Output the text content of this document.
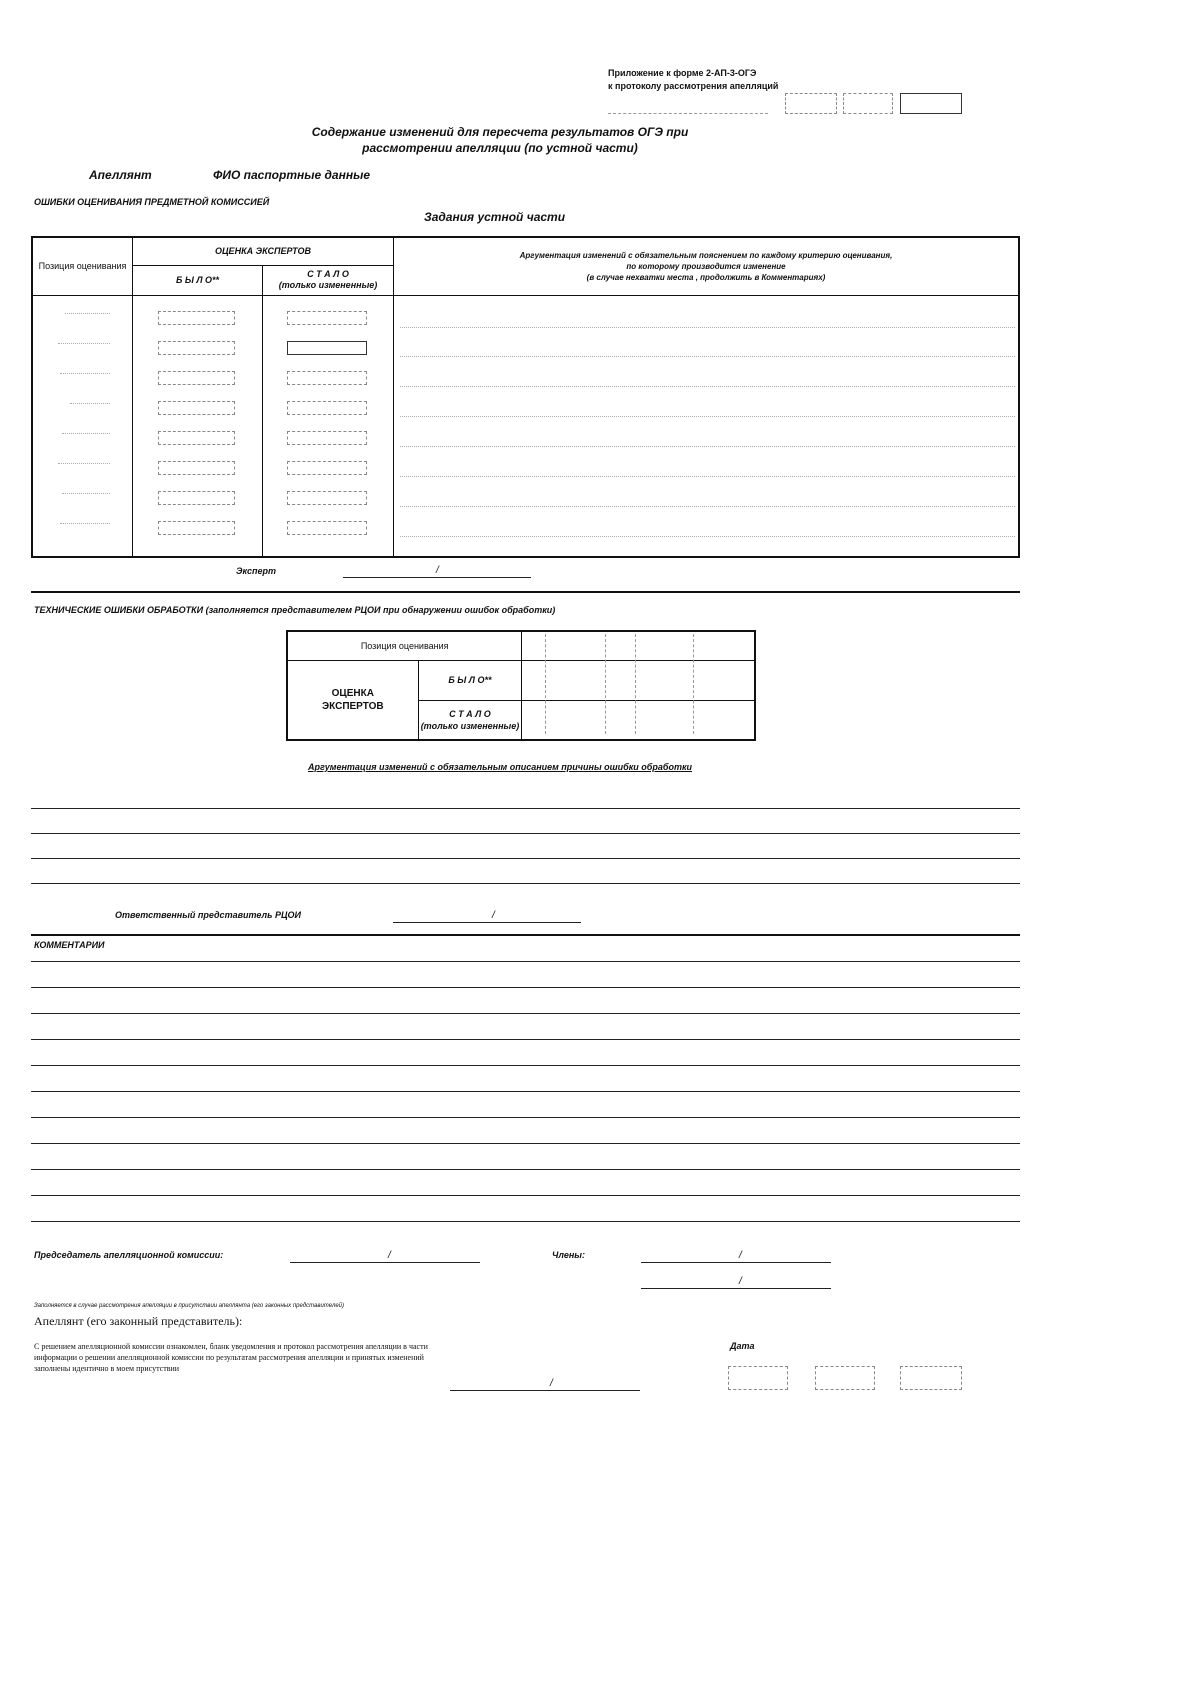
Приложение к форме 2-АП-3-ОГЭ
к протоколу рассмотрения апелляций
Содержание изменений для пересчета результатов ОГЭ при
рассмотрении апелляции (по устной части)
Апеллянт	ФИО паспортные данные
ОШИБКИ ОЦЕНИВАНИЯ ПРЕДМЕТНОЙ КОМИССИЕЙ
Задания устной части
Позиция оценивания	ОЦЕНКА ЭКСПЕРТОВ		Аргументация изменений с обязательным пояснением по каждому критерию оценивания,
по которому производится изменение
(в случае нехватки места , продолжить в Комментариях)

	Б Ы Л О**	С Т А Л О
(только измененные)	

Эксперт	/
ТЕХНИЧЕСКИЕ ОШИБКИ ОБРАБОТКИ (заполняется представителем РЦОИ при обнаружении ошибок обработки)
Позиция оценивания		

ОЦЕНКА
ЭКСПЕРТОВ	Б Ы Л О**	

	С Т А Л О
(только измененные)	

Аргументация изменений с обязательным описанием причины ошибки обработки
Ответственный представитель РЦОИ	/
КОММЕНТАРИИ
Председатель апелляционной комиссии:	/	Члены:	/
/
Заполняется в случае рассмотрения апелляции в присутствии апеллянта (его законных представителей)
Апеллянт (его законный представитель):
С решением апелляционной комиссии ознакомлен, бланк уведомления и протокол рассмотрения апелляции в части информации о решении апелляционной комиссии по результатам рассмотрения апелляции и принятых изменений заполнены идентично в моем присутствии
/
Дата
